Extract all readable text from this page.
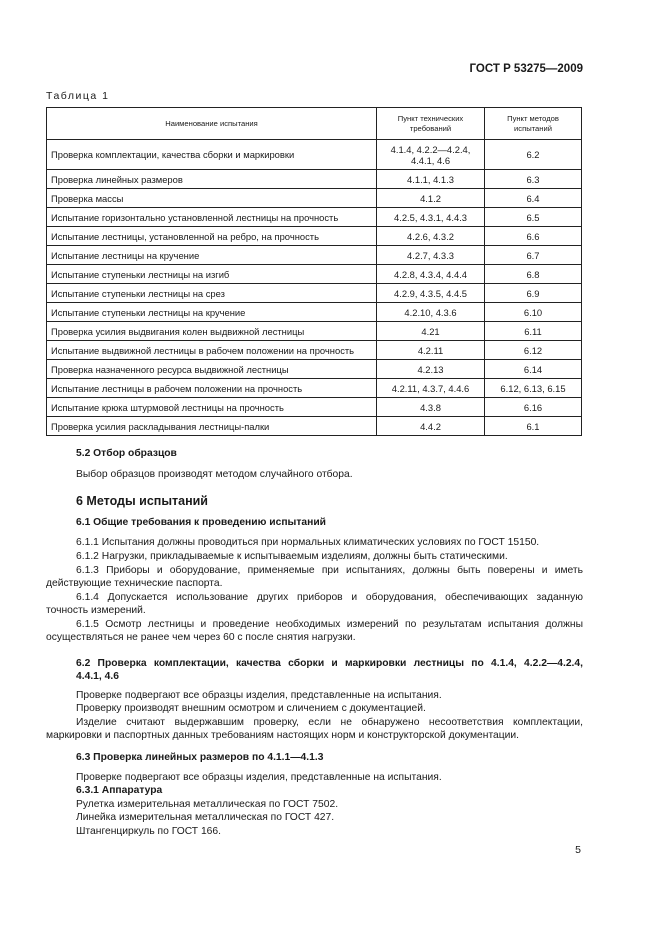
ГОСТ Р 53275—2009
Таблица 1
Наименование испытания	Пункт технических требований	Пункт методов испытаний
Проверка комплектации, качества сборки и маркировки	4.1.4, 4.2.2—4.2.4, 4.4.1, 4.6	6.2
Проверка линейных размеров	4.1.1, 4.1.3	6.3
Проверка массы	4.1.2	6.4
Испытание горизонтально установленной лестницы на прочность	4.2.5, 4.3.1, 4.4.3	6.5
Испытание лестницы, установленной на ребро, на прочность	4.2.6, 4.3.2	6.6
Испытание лестницы на кручение	4.2.7, 4.3.3	6.7
Испытание ступеньки лестницы на изгиб	4.2.8, 4.3.4, 4.4.4	6.8
Испытание ступеньки лестницы на срез	4.2.9, 4.3.5, 4.4.5	6.9
Испытание ступеньки лестницы на кручение	4.2.10, 4.3.6	6.10
Проверка усилия выдвигания колен выдвижной лестницы	4.21	6.11
Испытание выдвижной лестницы в рабочем положении на прочность	4.2.11	6.12
Проверка назначенного ресурса выдвижной лестницы	4.2.13	6.14
Испытание лестницы в рабочем положении на прочность	4.2.11, 4.3.7, 4.4.6	6.12, 6.13, 6.15
Испытание крюка штурмовой лестницы на прочность	4.3.8	6.16
Проверка усилия раскладывания лестницы-палки	4.4.2	6.1
5.2 Отбор образцов
Выбор образцов производят методом случайного отбора.
6 Методы испытаний
6.1 Общие требования к проведению испытаний
6.1.1 Испытания должны проводиться при нормальных климатических условиях по ГОСТ 15150.
6.1.2 Нагрузки, прикладываемые к испытываемым изделиям, должны быть статическими.
6.1.3 Приборы и оборудование, применяемые при испытаниях, должны быть поверены и иметь
действующие технические паспорта.
6.1.4 Допускается использование других приборов и оборудования, обеспечивающих заданную
точность измерений.
6.1.5 Осмотр лестницы и проведение необходимых измерений по результатам испытания должны
осуществляться не ранее чем через 60 с после снятия нагрузки.
6.2 Проверка комплектации, качества сборки и маркировки лестницы по 4.1.4, 4.2.2—4.2.4,
4.4.1, 4.6
Проверке подвергают все образцы изделия, представленные на испытания.
Проверку производят внешним осмотром и сличением с документацией.
Изделие считают выдержавшим проверку, если не обнаружено несоответствия комплектации,
маркировки и паспортных данных требованиям настоящих норм и конструкторской документации.
6.3 Проверка линейных размеров по 4.1.1—4.1.3
Проверке подвергают все образцы изделия, представленные на испытания.
6.3.1 Аппаратура
Рулетка измерительная металлическая по ГОСТ 7502.
Линейка измерительная металлическая по ГОСТ 427.
Штангенциркуль по ГОСТ 166.
5
